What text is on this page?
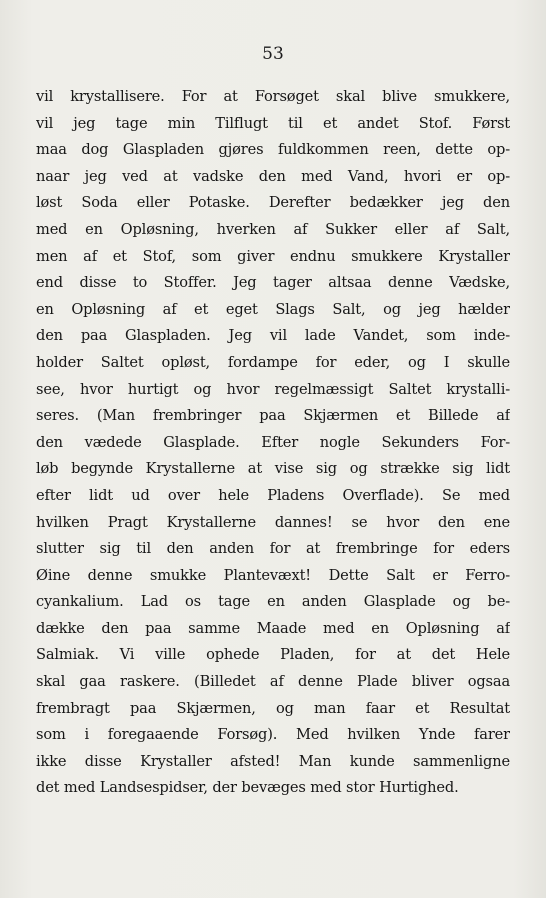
53
vil krystallisere. For at Forsøget skal blive smukkere,
vil jeg tage min Tilflugt til et andet Stof. Først
maa dog Glaspladen gjøres fuldkommen reen, dette op-
naar jeg ved at vadske den med Vand, hvori er op-
løst Soda eller Potaske. Derefter bedækker jeg den
med en Opløsning, hverken af Sukker eller af Salt,
men af et Stof, som giver endnu smukkere Krystaller
end disse to Stoffer. Jeg tager altsaa denne Vædske,
en Opløsning af et eget Slags Salt, og jeg hælder
den paa Glaspladen. Jeg vil lade Vandet, som inde-
holder Saltet opløst, fordampe for eder, og I skulle
see, hvor hurtigt og hvor regelmæssigt Saltet krystalli-
seres. (Man frembringer paa Skjærmen et Billede af
den vædede Glasplade. Efter nogle Sekunders For-
løb begynde Krystallerne at vise sig og strække sig lidt
efter lidt ud over hele Pladens Overflade). Se med
hvilken Pragt Krystallerne dannes! se hvor den ene
slutter sig til den anden for at frembringe for eders
Øine denne smukke Plantevæxt! Dette Salt er Ferro-
cyankalium. Lad os tage en anden Glasplade og be-
dække den paa samme Maade med en Opløsning af
Salmiak. Vi ville ophede Pladen, for at det Hele
skal gaa raskere. (Billedet af denne Plade bliver ogsaa
frembragt paa Skjærmen, og man faar et Resultat
som i foregaaende Forsøg). Med hvilken Ynde farer
ikke disse Krystaller afsted! Man kunde sammenligne
det med Landsespidser, der bevæges med stor Hurtighed.
